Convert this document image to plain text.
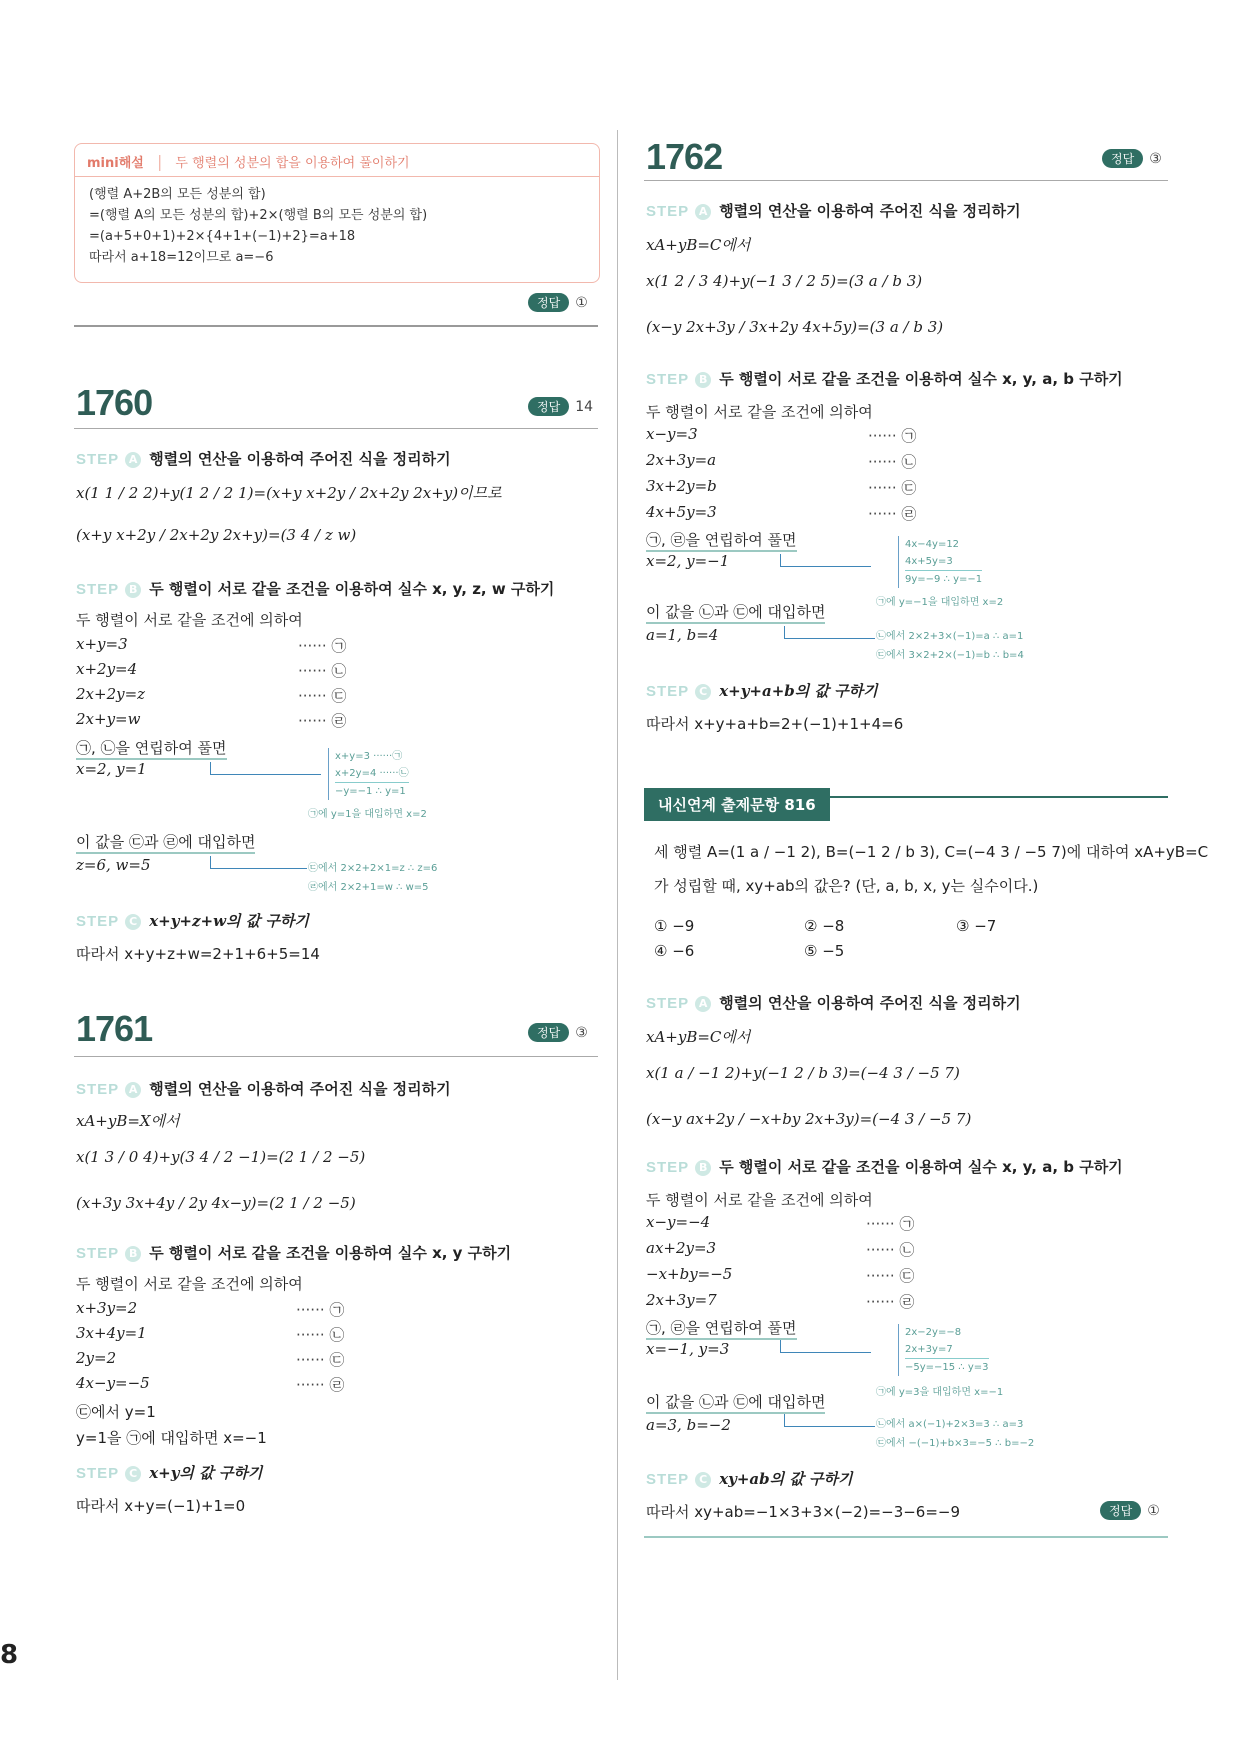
mini해설 | 두 행렬의 성분의 합을 이용하여 풀이하기
(행렬 A+2B의 모든 성분의 합)
=(행렬 A의 모든 성분의 합)+2×(행렬 B의 모든 성분의 합)
=(a+5+0+1)+2×{4+1+(−1)+2}=a+18
따라서 a+18=12이므로 a=−6
정답 ①
1760	정답 14
STEP A 행렬의 연산을 이용하여 주어진 식을 정리하기
x(1 1 / 2 2)+y(1 2 / 2 1)=(x+y x+2y / 2x+2y 2x+y)이므로
(x+y x+2y / 2x+2y 2x+y)=(3 4 / z w)
STEP B 두 행렬이 서로 같을 조건을 이용하여 실수 x, y, z, w 구하기
두 행렬이 서로 같을 조건에 의하여
x+y=3	······ ㉠
x+2y=4	······ ㉡
2x+2y=z	······ ㉢
2x+y=w	······ ㉣
㉠, ㉡을 연립하여 풀면
x=2, y=1
x+y=3 ······㉠
x+2y=4 ······㉡
−y=−1 ∴ y=1
㉠에 y=1을 대입하면 x=2
이 값을 ㉢과 ㉣에 대입하면
z=6, w=5	㉢에서 2×2+2×1=z ∴ z=6
㉣에서 2×2+1=w ∴ w=5
STEP C x+y+z+w의 값 구하기
따라서 x+y+z+w=2+1+6+5=14
1761	정답 ③
STEP A 행렬의 연산을 이용하여 주어진 식을 정리하기
xA+yB=X에서
x(1 3 / 0 4)+y(3 4 / 2 −1)=(2 1 / 2 −5)
(x+3y 3x+4y / 2y 4x−y)=(2 1 / 2 −5)
STEP B 두 행렬이 서로 같을 조건을 이용하여 실수 x, y 구하기
두 행렬이 서로 같을 조건에 의하여
x+3y=2	······ ㉠
3x+4y=1	······ ㉡
2y=2	······ ㉢
4x−y=−5	······ ㉣
㉢에서 y=1
y=1을 ㉠에 대입하면 x=−1
STEP C x+y의 값 구하기
따라서 x+y=(−1)+1=0
8
1762	정답 ③
STEP A 행렬의 연산을 이용하여 주어진 식을 정리하기
xA+yB=C에서
x(1 2 / 3 4)+y(−1 3 / 2 5)=(3 a / b 3)
(x−y 2x+3y / 3x+2y 4x+5y)=(3 a / b 3)
STEP B 두 행렬이 서로 같을 조건을 이용하여 실수 x, y, a, b 구하기
두 행렬이 서로 같을 조건에 의하여
x−y=3	······ ㉠
2x+3y=a	······ ㉡
3x+2y=b	······ ㉢
4x+5y=3	······ ㉣
㉠, ㉣을 연립하여 풀면
x=2, y=−1
4x−4y=12
4x+5y=3
9y=−9 ∴ y=−1
㉠에 y=−1을 대입하면 x=2
이 값을 ㉡과 ㉢에 대입하면
a=1, b=4	㉡에서 2×2+3×(−1)=a ∴ a=1
㉢에서 3×2+2×(−1)=b ∴ b=4
STEP C x+y+a+b의 값 구하기
따라서 x+y+a+b=2+(−1)+1+4=6
내신연계 출제문항 816
세 행렬 A=(1 a / −1 2), B=(−1 2 / b 3), C=(−4 3 / −5 7)에 대하여 xA+yB=C
가 성립할 때, xy+ab의 값은? (단, a, b, x, y는 실수이다.)
① −9	② −8	③ −7
④ −6	⑤ −5
STEP A 행렬의 연산을 이용하여 주어진 식을 정리하기
xA+yB=C에서
x(1 a / −1 2)+y(−1 2 / b 3)=(−4 3 / −5 7)
(x−y ax+2y / −x+by 2x+3y)=(−4 3 / −5 7)
STEP B 두 행렬이 서로 같을 조건을 이용하여 실수 x, y, a, b 구하기
두 행렬이 서로 같을 조건에 의하여
x−y=−4	······ ㉠
ax+2y=3	······ ㉡
−x+by=−5	······ ㉢
2x+3y=7	······ ㉣
㉠, ㉣을 연립하여 풀면
x=−1, y=3
2x−2y=−8
2x+3y=7
−5y=−15 ∴ y=3
㉠에 y=3을 대입하면 x=−1
이 값을 ㉡과 ㉢에 대입하면
a=3, b=−2	㉡에서 a×(−1)+2×3=3 ∴ a=3
㉢에서 −(−1)+b×3=−5 ∴ b=−2
STEP C xy+ab의 값 구하기
따라서 xy+ab=−1×3+3×(−2)=−3−6=−9	정답 ①
